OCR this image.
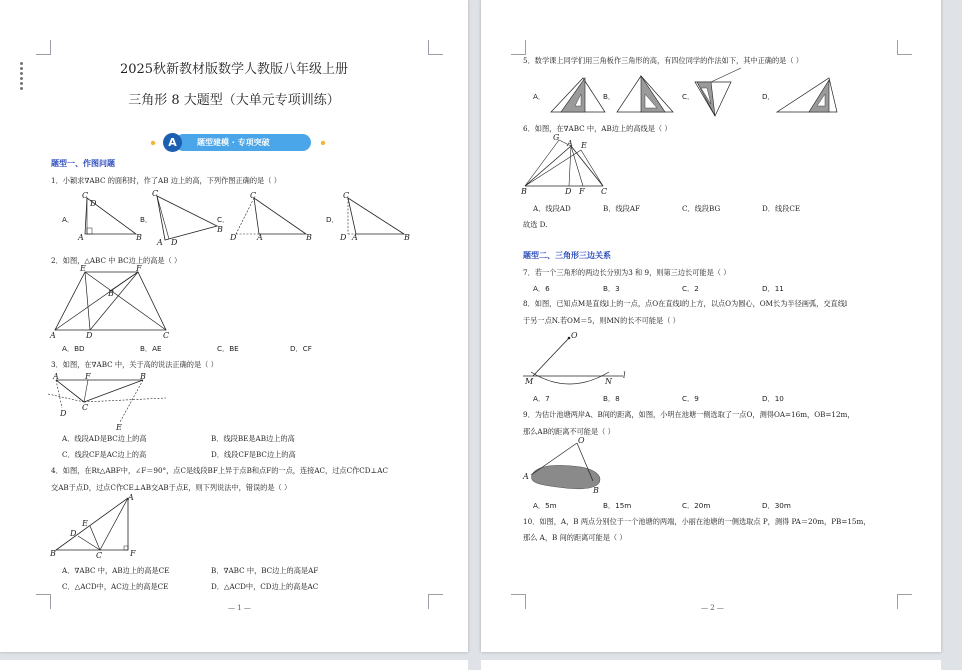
2025秋新教材版数学人教版八年级上册
三角形 8 大题型（大单元专项训练）
A	题型建模 · 专项突破
题型一、作图问题
1．小颖求∇ABC 的面积时，作了AB 边上的高，下列作图正确的是（ ）
A．	B．	C．	D．
C
D
A	B
C
A D
B
C
D	A	B
C
D A	B
2．如图，△ABC 中 BC边上的高是（ ）
E	F
B
A	D	C
A．BD	B．AE	C．BE	D．CF
3．如图，在∇ABC 中，关于高的说法正确的是（ ）
A	F	B
C
D
E
A．线段AD是BC边上的高	B．线段BE是AB边上的高
C．线段CF是AC边上的高	D．线段CF是BC边上的高
4．如图，在Rt△ABF中，∠F＝90°，点C是线段BF上异于点B和点F的一点，连接AC，过点C作CD⊥AC
交AB于点D，过点C作CE⊥AB交AB于点E，则下列说法中，错误的是（ ）
A
B	C	F
D
E
A．∇ABC 中，AB边上的高是CE	B．∇ABC 中，BC边上的高是AF
C．△ACD中，AC边上的高是CE	D．△ACD中，CD边上的高是AC
— 1 —
5．数学课上同学们用三角板作三角形的高，有四位同学的作法如下，其中正确的是（ ）
A．	B．	C．	D．
6．如图，在∇ABC 中，AB边上的高线是（ ）
G
A E
B	D F C
A．线段AD	B．线段AF	C．线段BG	D．线段CE
故选 D.
题型二、三角形三边关系
7．若一个三角形的两边长分别为3 和 9，则第三边长可能是（ ）
A．6	B．3	C．2	D．11
8．如图，已知点M是直线l上的一点，点O在直线l的上方，以点O为圆心，OM长为半径画弧，交直线l
于另一点N.若OM＝5，则MN的长不可能是（ ）
O
M	N
l
A．7	B．8	C．9	D．10
9．为估计池塘两岸A、B间的距离，如图，小明在池塘一侧选取了一点O，测得OA=16m，OB=12m，
那么AB的距离不可能是（ ）
O
A
B
A．5m	B．15m	C．20m	D．30m
10．如图，A，B 两点分别位于一个池塘的两端，小丽在池塘的一侧选取点 P，测得 PA＝20m，PB=15m，
那么 A，B 间的距离可能是（ ）
— 2 —
